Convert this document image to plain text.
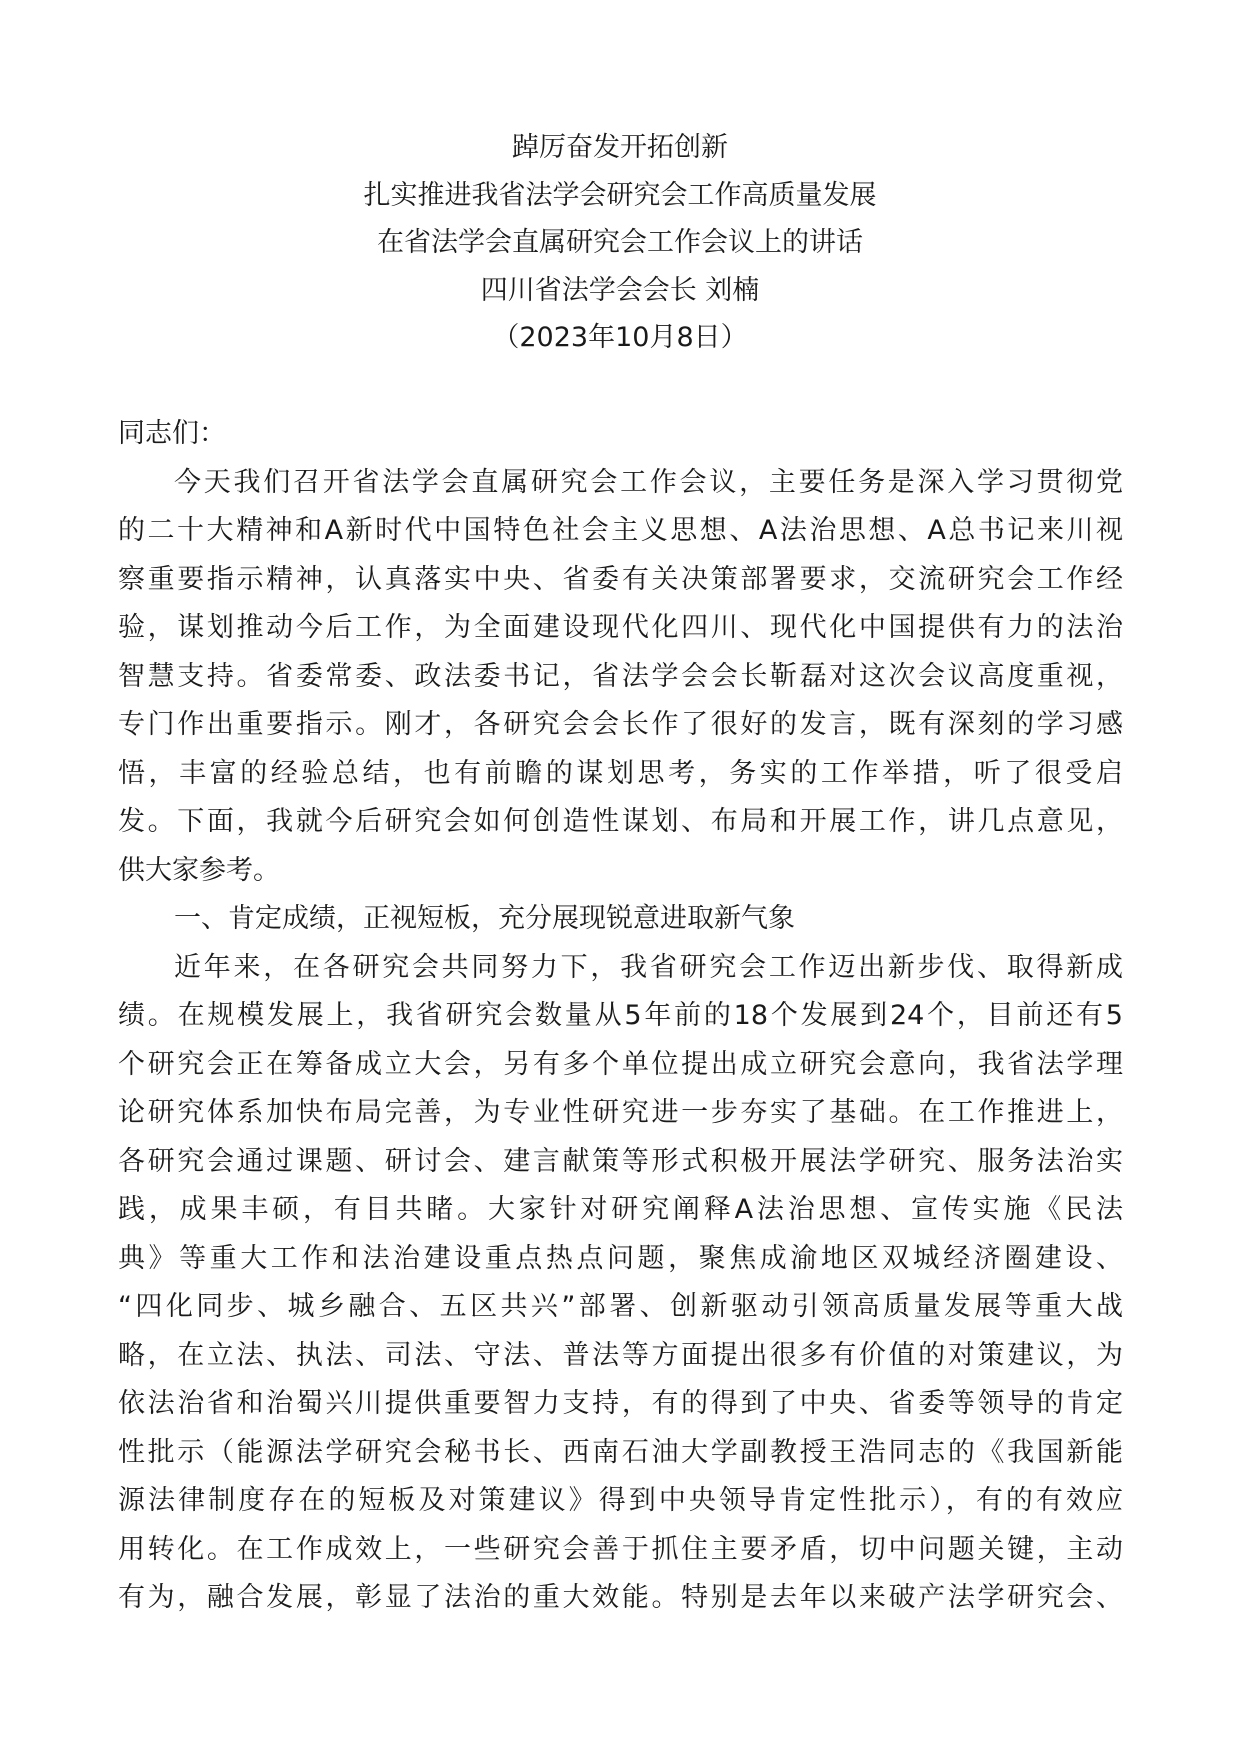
踔厉奋发开拓创新
扎实推进我省法学会研究会工作高质量发展
在省法学会直属研究会工作会议上的讲话
四川省法学会会长 刘楠
（2023年10月8日）
同志们：
今天我们召开省法学会直属研究会工作会议，主要任务是深入学习贯彻党
的二十大精神和A新时代中国特色社会主义思想、A法治思想、A总书记来川视
察重要指示精神，认真落实中央、省委有关决策部署要求，交流研究会工作经
验，谋划推动今后工作，为全面建设现代化四川、现代化中国提供有力的法治
智慧支持。省委常委、政法委书记，省法学会会长靳磊对这次会议高度重视，
专门作出重要指示。刚才，各研究会会长作了很好的发言，既有深刻的学习感
悟，丰富的经验总结，也有前瞻的谋划思考，务实的工作举措，听了很受启
发。下面，我就今后研究会如何创造性谋划、布局和开展工作，讲几点意见，
供大家参考。
一、肯定成绩，正视短板，充分展现锐意进取新气象
近年来，在各研究会共同努力下，我省研究会工作迈出新步伐、取得新成
绩。在规模发展上，我省研究会数量从5年前的18个发展到24个，目前还有5
个研究会正在筹备成立大会，另有多个单位提出成立研究会意向，我省法学理
论研究体系加快布局完善，为专业性研究进一步夯实了基础。在工作推进上，
各研究会通过课题、研讨会、建言献策等形式积极开展法学研究、服务法治实
践，成果丰硕，有目共睹。大家针对研究阐释A法治思想、宣传实施《民法
典》等重大工作和法治建设重点热点问题，聚焦成渝地区双城经济圈建设、
“四化同步、城乡融合、五区共兴”部署、创新驱动引领高质量发展等重大战
略，在立法、执法、司法、守法、普法等方面提出很多有价值的对策建议，为
依法治省和治蜀兴川提供重要智力支持，有的得到了中央、省委等领导的肯定
性批示（能源法学研究会秘书长、西南石油大学副教授王浩同志的《我国新能
源法律制度存在的短板及对策建议》得到中央领导肯定性批示），有的有效应
用转化。在工作成效上，一些研究会善于抓住主要矛盾，切中问题关键，主动
有为，融合发展，彰显了法治的重大效能。特别是去年以来破产法学研究会、
